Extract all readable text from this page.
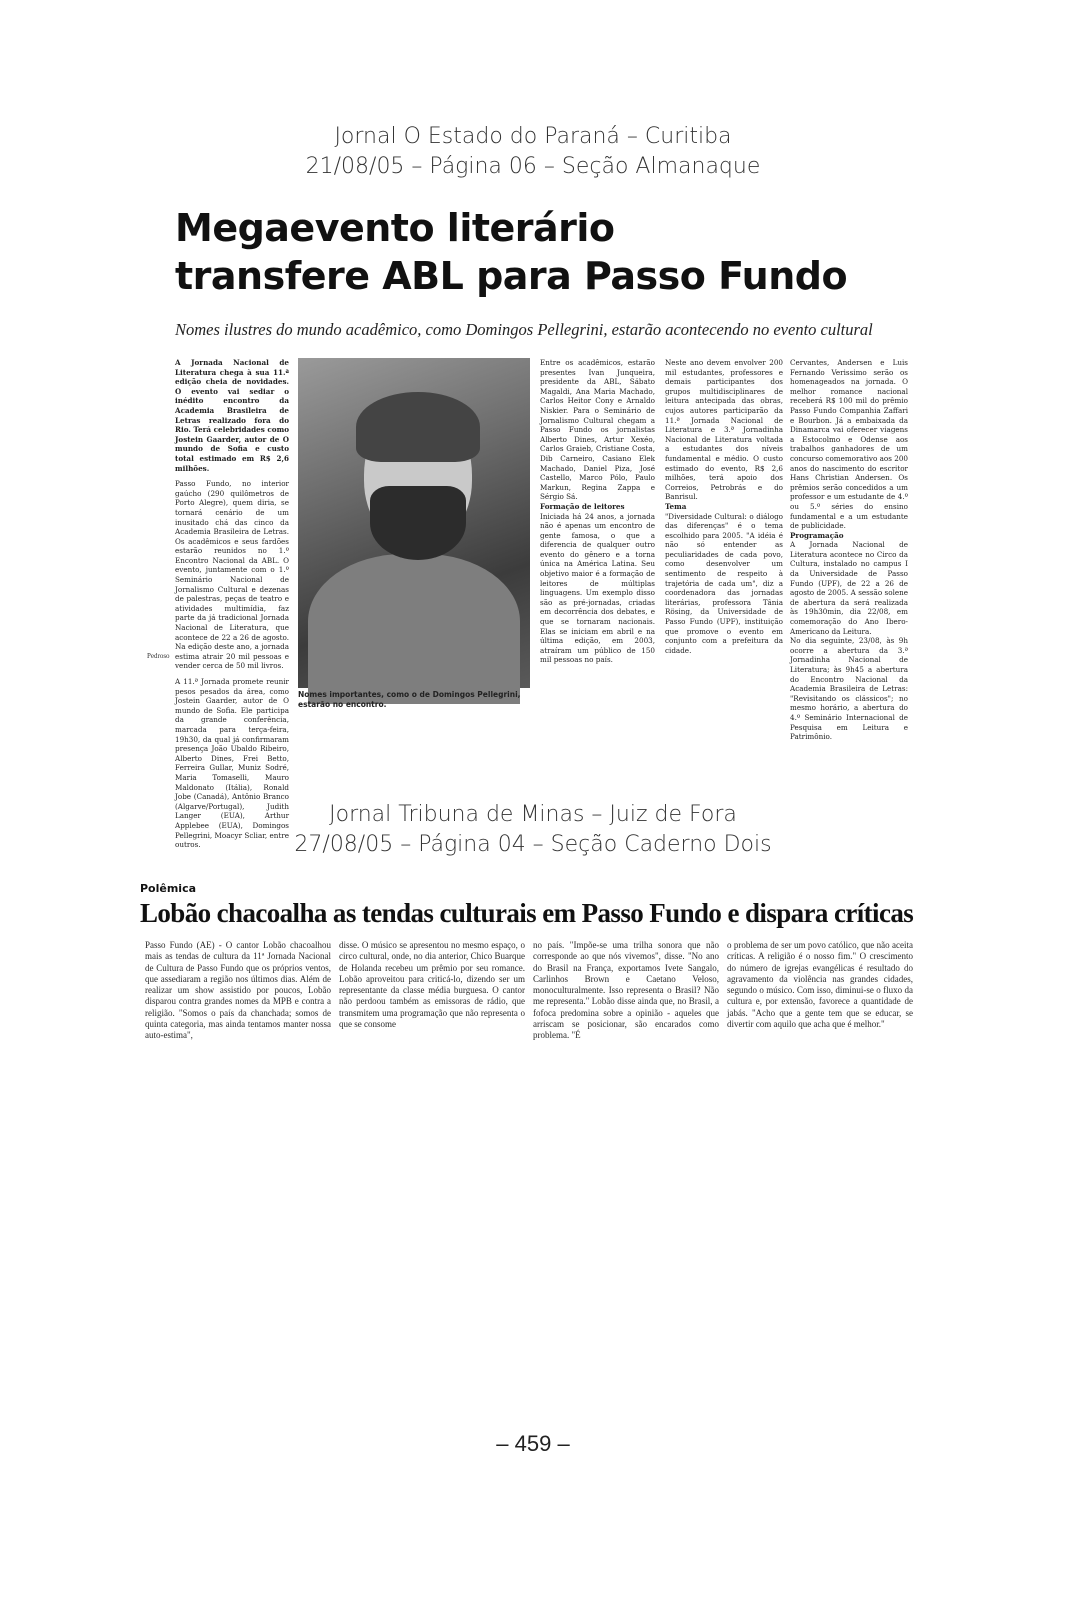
Jornal O Estado do Paraná – Curitiba
21/08/05 – Página 06 – Seção Almanaque
Megaevento literário
transfere ABL para Passo Fundo
Nomes ilustres do mundo acadêmico, como Domingos Pellegrini, estarão acontecendo no evento cultural

A Jornada Nacional de Literatura chega à sua 11.ª edição cheia de novidades. O evento vai sediar o inédito encontro da Academia Brasileira de Letras realizado fora do Rio. Terá celebridades como Jostein Gaarder, autor de O mundo de Sofia e custo total estimado em R$ 2,6 milhões.

Passo Fundo, no interior gaúcho (290 quilômetros de Porto Alegre), quem diria, se tornará cenário de um inusitado chá das cinco da Academia Brasileira de Letras. Os acadêmicos e seus fardões estarão reunidos no 1.º Encontro Nacional da ABL. O evento, juntamente com o 1.º Seminário Nacional de Jornalismo Cultural e dezenas de palestras, peças de teatro e atividades multimídia, faz parte da já tradicional Jornada Nacional de Literatura, que acontece de 22 a 26 de agosto. Na edição deste ano, a jornada estima atrair 20 mil pessoas e vender cerca de 50 mil livros.

A 11.ª Jornada promete reunir pesos pesados da área, como Jostein Gaarder, autor de O mundo de Sofia. Ele participa da grande conferência, marcada para terça-feira, 19h30, da qual já confirmaram presença João Ubaldo Ribeiro, Alberto Dines, Frei Betto, Ferreira Gullar, Muniz Sodré, Maria Tomaselli, Mauro Maldonato (Itália), Ronald Jobe (Canadá), Antônio Branco (Algarve/Portugal), Judith Langer (EUA), Arthur Applebee (EUA), Domingos Pellegrini, Moacyr Scliar, entre outros.

Pedroso
Nomes importantes, como o de Domingos Pellegrini, estarão no encontro.

Entre os acadêmicos, estarão presentes Ivan Junqueira, presidente da ABL, Sábato Magaldi, Ana Maria Machado, Carlos Heitor Cony e Arnaldo Niskier. Para o Seminário de Jornalismo Cultural chegam a Passo Fundo os jornalistas Alberto Dines, Artur Xexéo, Carlos Graieb, Cristiane Costa, Dib Carneiro, Casiano Elek Machado, Daniel Piza, José Castello, Marco Pólo, Paulo Markun, Regina Zappa e Sérgio Sá.

Formação de leitores

Iniciada há 24 anos, a jornada não é apenas um encontro de gente famosa, o que a diferencia de qualquer outro evento do gênero e a torna única na América Latina. Seu objetivo maior é a formação de leitores de múltiplas linguagens. Um exemplo disso são as pré-jornadas, criadas em decorrência dos debates, e que se tornaram nacionais. Elas se iniciam em abril e na última edição, em 2003, atraíram um público de 150 mil pessoas no país.

Neste ano devem envolver 200 mil estudantes, professores e demais participantes dos grupos multidisciplinares de leitura antecipada das obras, cujos autores participarão da 11.ª Jornada Nacional de Literatura e 3.ª Jornadinha Nacional de Literatura voltada a estudantes dos níveis fundamental e médio. O custo estimado do evento, R$ 2,6 milhões, terá apoio dos Correios, Petrobrás e do Banrisul.

Tema

"Diversidade Cultural: o diálogo das diferenças" é o tema escolhido para 2005. "A idéia é não só entender as peculiaridades de cada povo, como desenvolver um sentimento de respeito à trajetória de cada um", diz a coordenadora das jornadas literárias, professora Tânia Rösing, da Universidade de Passo Fundo (UPF), instituição que promove o evento em conjunto com a prefeitura da cidade.

Cervantes, Andersen e Luis Fernando Verissimo serão os homenageados na jornada. O melhor romance nacional receberá R$ 100 mil do prêmio Passo Fundo Companhia Zaffari e Bourbon. Já a embaixada da Dinamarca vai oferecer viagens a Estocolmo e Odense aos trabalhos ganhadores de um concurso comemorativo aos 200 anos do nascimento do escritor Hans Christian Andersen. Os prêmios serão concedidos a um professor e um estudante de 4.º ou 5.º séries do ensino fundamental e a um estudante de publicidade.

Programação

A Jornada Nacional de Literatura acontece no Circo da Cultura, instalado no campus I da Universidade de Passo Fundo (UPF), de 22 a 26 de agosto de 2005. A sessão solene de abertura da será realizada às 19h30min, dia 22/08, em comemoração do Ano Ibero-Americano da Leitura.

No dia seguinte, 23/08, às 9h ocorre a abertura da 3.ª Jornadinha Nacional de Literatura; às 9h45 a abertura do Encontro Nacional da Academia Brasileira de Letras: "Revisitando os clássicos"; no mesmo horário, a abertura do 4.º Seminário Internacional de Pesquisa em Leitura e Patrimônio.

Jornal Tribuna de Minas – Juiz de Fora
27/08/05 – Página 04 – Seção Caderno Dois
Polêmica
Lobão chacoalha as tendas culturais em Passo Fundo e dispara críticas

Passo Fundo (AE) - O cantor Lobão chacoalhou mais as tendas de cultura da 11ª Jornada Nacional de Cultura de Passo Fundo que os próprios ventos, que assediaram a região nos últimos dias. Além de realizar um show assistido por poucos, Lobão disparou contra grandes nomes da MPB e contra a religião. "Somos o país da chanchada; somos de quinta categoria, mas ainda tentamos manter nossa auto-estima",

disse. O músico se apresentou no mesmo espaço, o circo cultural, onde, no dia anterior, Chico Buarque de Holanda recebeu um prêmio por seu romance. Lobão aproveitou para criticá-lo, dizendo ser um representante da classe média burguesa. O cantor não perdoou também as emissoras de rádio, que transmitem uma programação que não representa o que se consome

no país. "Impõe-se uma trilha sonora que não corresponde ao que nós vivemos", disse. "No ano do Brasil na França, exportamos Ivete Sangalo, Carlinhos Brown e Caetano Veloso, monoculturalmente. Isso representa o Brasil? Não me representa." Lobão disse ainda que, no Brasil, a fofoca predomina sobre a opinião - aqueles que arriscam se posicionar, são encarados como problema. "É

o problema de ser um povo católico, que não aceita críticas. A religião é o nosso fim." O crescimento do número de igrejas evangélicas é resultado do agravamento da violência nas grandes cidades, segundo o músico. Com isso, diminui-se o fluxo da cultura e, por extensão, favorece a quantidade de jabás. "Acho que a gente tem que se educar, se divertir com aquilo que acha que é melhor."

– 459 –
